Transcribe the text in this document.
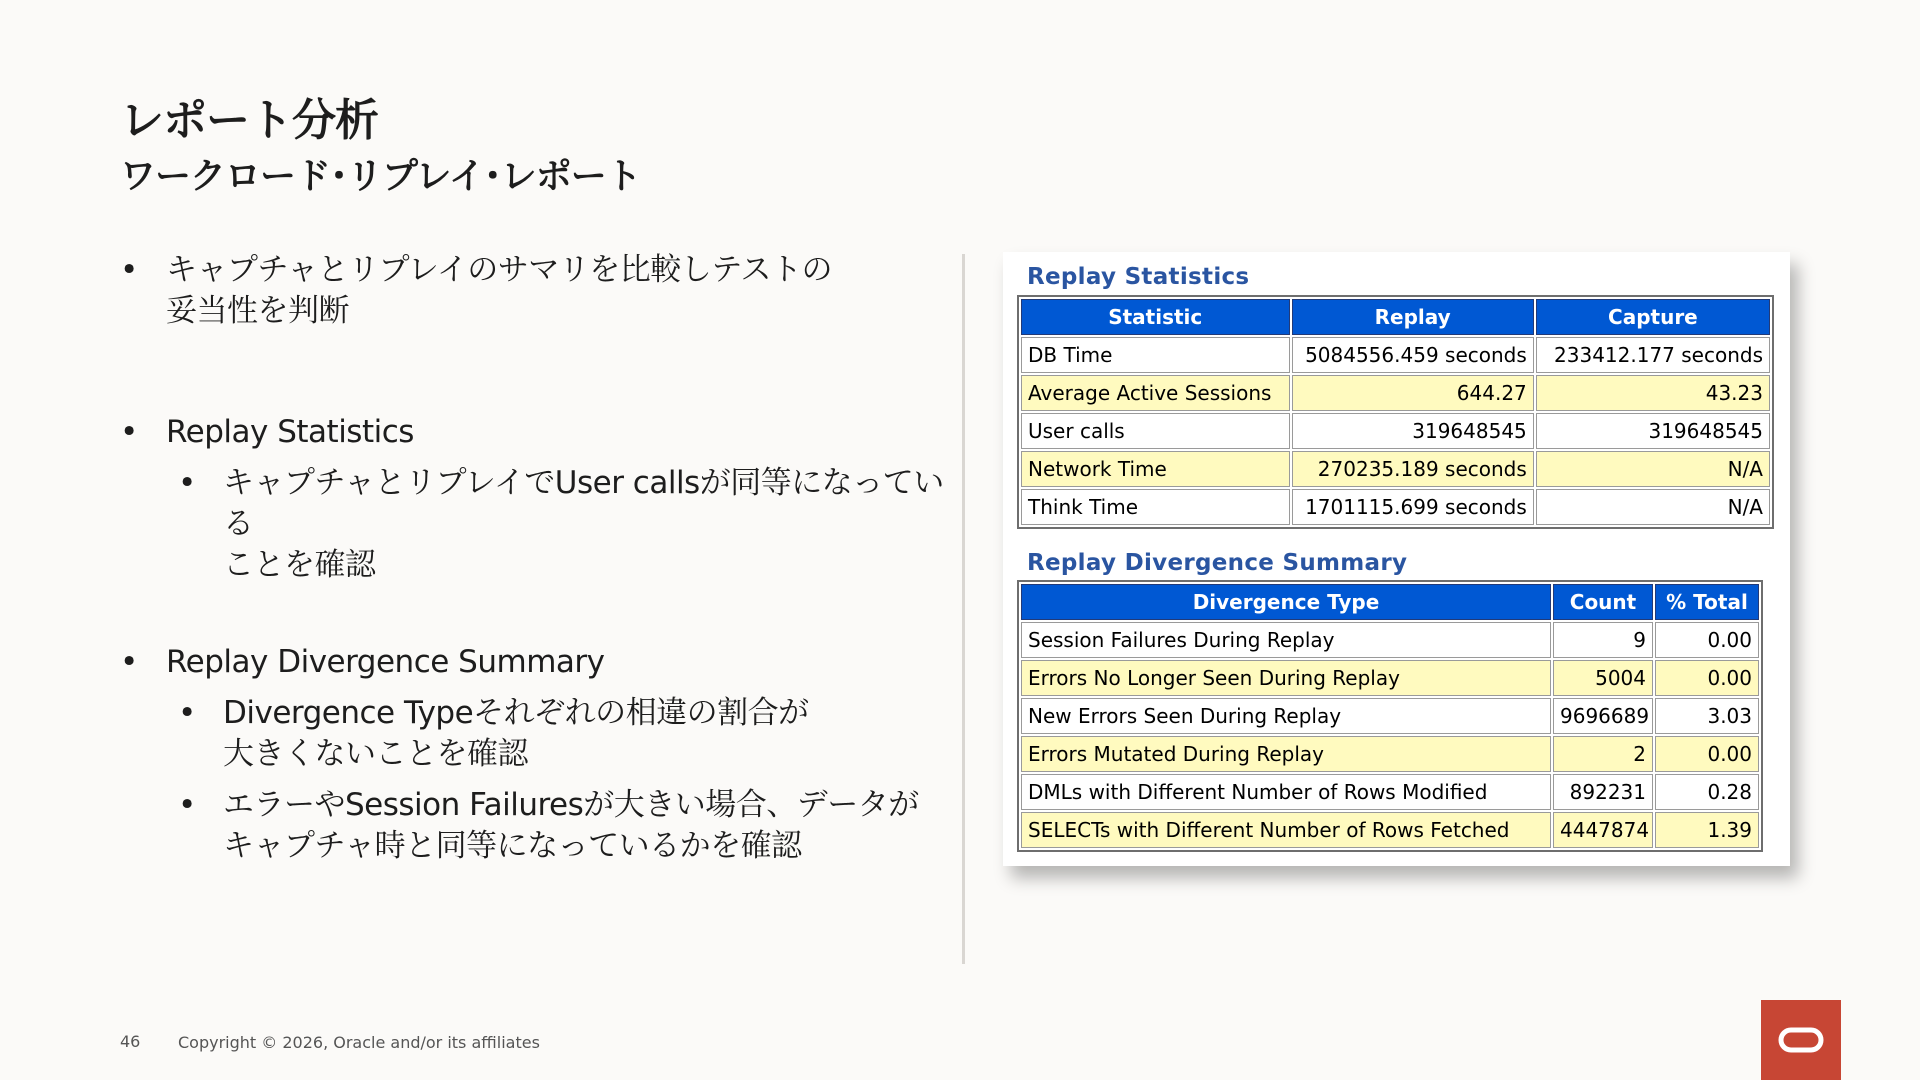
レポート分析
ワークロード･リプレイ･レポート
• キャプチャとリプレイのサマリを比較しテストの
妥当性を判断
• Replay Statistics
• キャプチャとリプレイでUser callsが同等になっている
ことを確認
• Replay Divergence Summary
• Divergence Typeそれぞれの相違の割合が
大きくないことを確認
• エラーやSession Failuresが大きい場合、データが
キャプチャ時と同等になっているかを確認
Replay Statistics
Statistic	Replay	Capture
DB Time	5084556.459 seconds	233412.177 seconds
Average Active Sessions	644.27	43.23
User calls	319648545	319648545
Network Time	270235.189 seconds	N/A
Think Time	1701115.699 seconds	N/A
Replay Divergence Summary
Divergence Type	Count	% Total
Session Failures During Replay	9	0.00
Errors No Longer Seen During Replay	5004	0.00
New Errors Seen During Replay	9696689	3.03
Errors Mutated During Replay	2	0.00
DMLs with Different Number of Rows Modified	892231	0.28
SELECTs with Different Number of Rows Fetched	4447874	1.39
46 Copyright © 2026, Oracle and/or its affiliates
